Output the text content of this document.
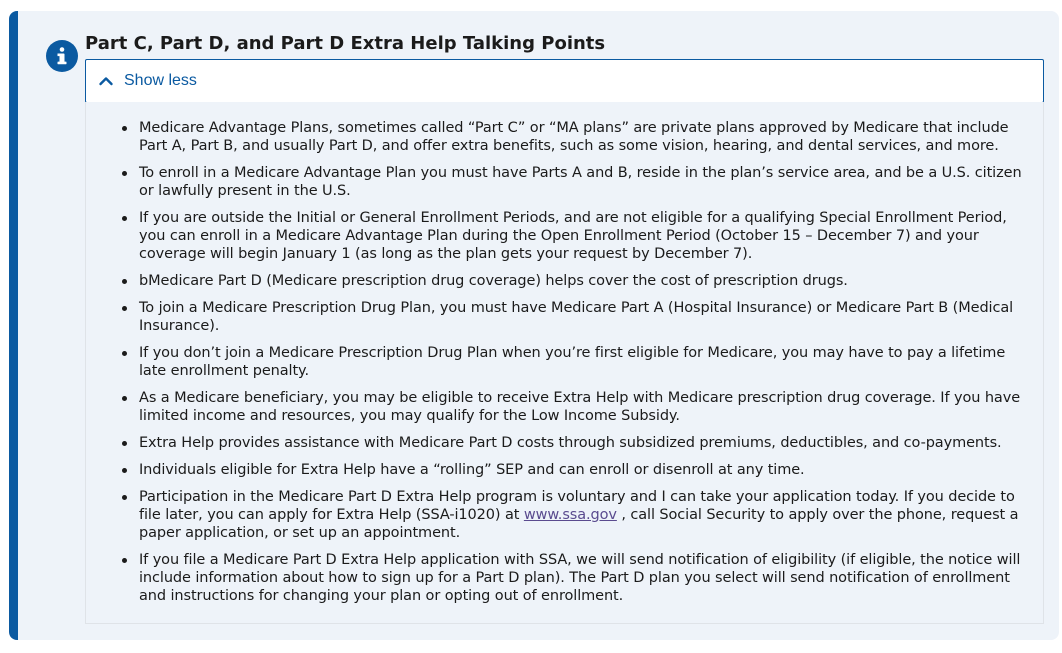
Part C, Part D, and Part D Extra Help Talking Points
Show less
Medicare Advantage Plans, sometimes called “Part C” or “MA plans” are private plans approved by Medicare that include Part A, Part B, and usually Part D, and offer extra benefits, such as some vision, hearing, and dental services, and more.
To enroll in a Medicare Advantage Plan you must have Parts A and B, reside in the plan’s service area, and be a U.S. citizen or lawfully present in the U.S.
If you are outside the Initial or General Enrollment Periods, and are not eligible for a qualifying Special Enrollment Period, you can enroll in a Medicare Advantage Plan during the Open Enrollment Period (October 15 – December 7) and your coverage will begin January 1 (as long as the plan gets your request by December 7).
bMedicare Part D (Medicare prescription drug coverage) helps cover the cost of prescription drugs.
To join a Medicare Prescription Drug Plan, you must have Medicare Part A (Hospital Insurance) or Medicare Part B (Medical Insurance).
If you don’t join a Medicare Prescription Drug Plan when you’re first eligible for Medicare, you may have to pay a lifetime late enrollment penalty.
As a Medicare beneficiary, you may be eligible to receive Extra Help with Medicare prescription drug coverage. If you have limited income and resources, you may qualify for the Low Income Subsidy.
Extra Help provides assistance with Medicare Part D costs through subsidized premiums, deductibles, and co-payments.
Individuals eligible for Extra Help have a “rolling” SEP and can enroll or disenroll at any time.
Participation in the Medicare Part D Extra Help program is voluntary and I can take your application today. If you decide to file later, you can apply for Extra Help (SSA-i1020) at www.ssa.gov , call Social Security to apply over the phone, request a paper application, or set up an appointment.
If you file a Medicare Part D Extra Help application with SSA, we will send notification of eligibility (if eligible, the notice will include information about how to sign up for a Part D plan). The Part D plan you select will send notification of enrollment and instructions for changing your plan or opting out of enrollment.
